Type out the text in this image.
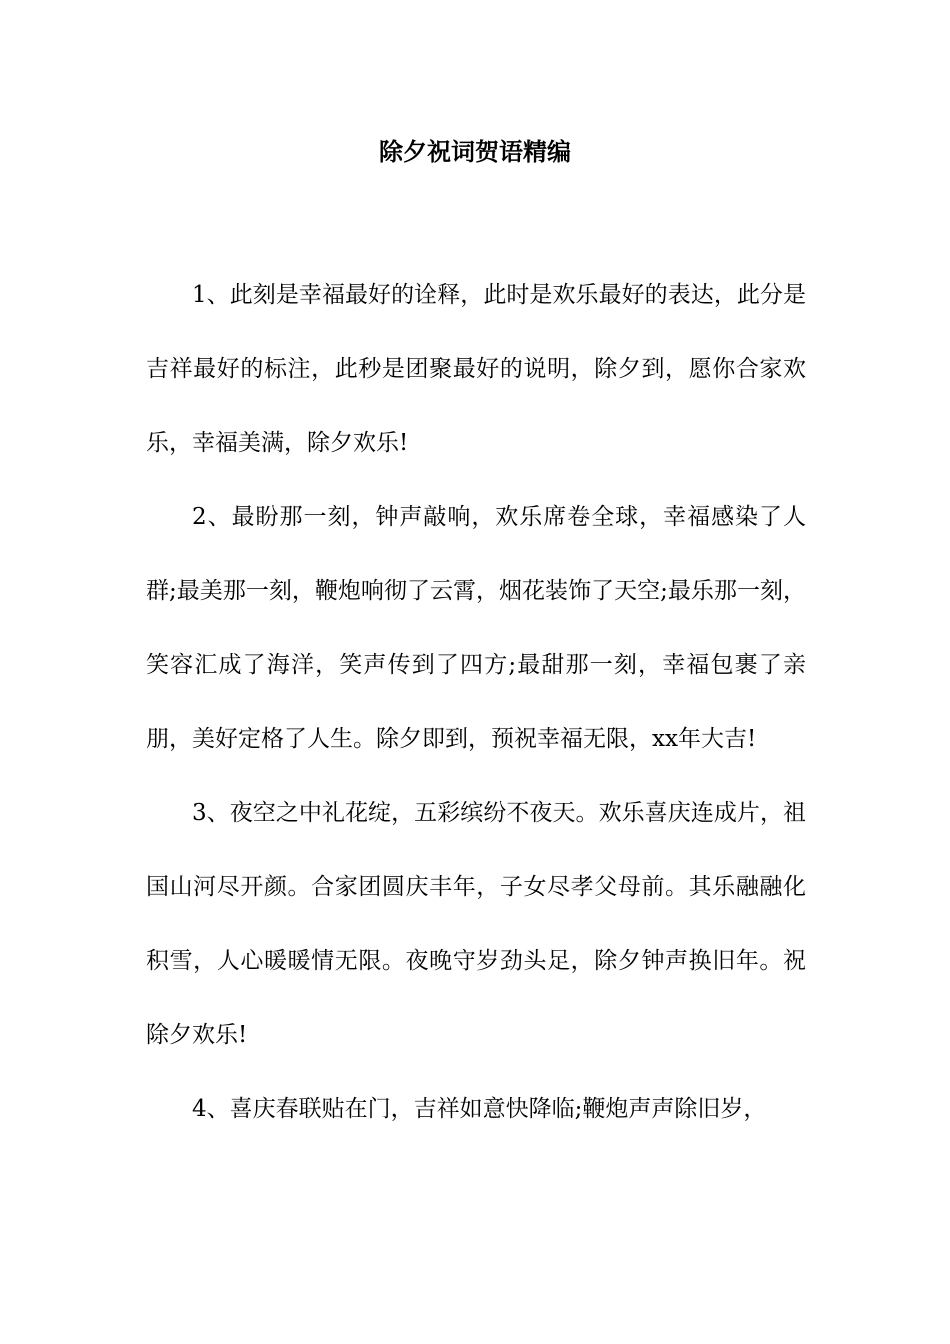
除夕祝词贺语精编

1、此刻是幸福最好的诠释，此时是欢乐最好的表达，此分是吉祥最好的标注，此秒是团聚最好的说明，除夕到，愿你合家欢乐，幸福美满，除夕欢乐!

2、最盼那一刻，钟声敲响，欢乐席卷全球，幸福感染了人群;最美那一刻，鞭炮响彻了云霄，烟花装饰了天空;最乐那一刻，笑容汇成了海洋，笑声传到了四方;最甜那一刻，幸福包裹了亲朋，美好定格了人生。除夕即到，预祝幸福无限，xx年大吉!

3、夜空之中礼花绽，五彩缤纷不夜天。欢乐喜庆连成片，祖国山河尽开颜。合家团圆庆丰年，子女尽孝父母前。其乐融融化积雪，人心暖暖情无限。夜晚守岁劲头足，除夕钟声换旧年。祝除夕欢乐!

4、喜庆春联贴在门，吉祥如意快降临;鞭炮声声除旧岁，
